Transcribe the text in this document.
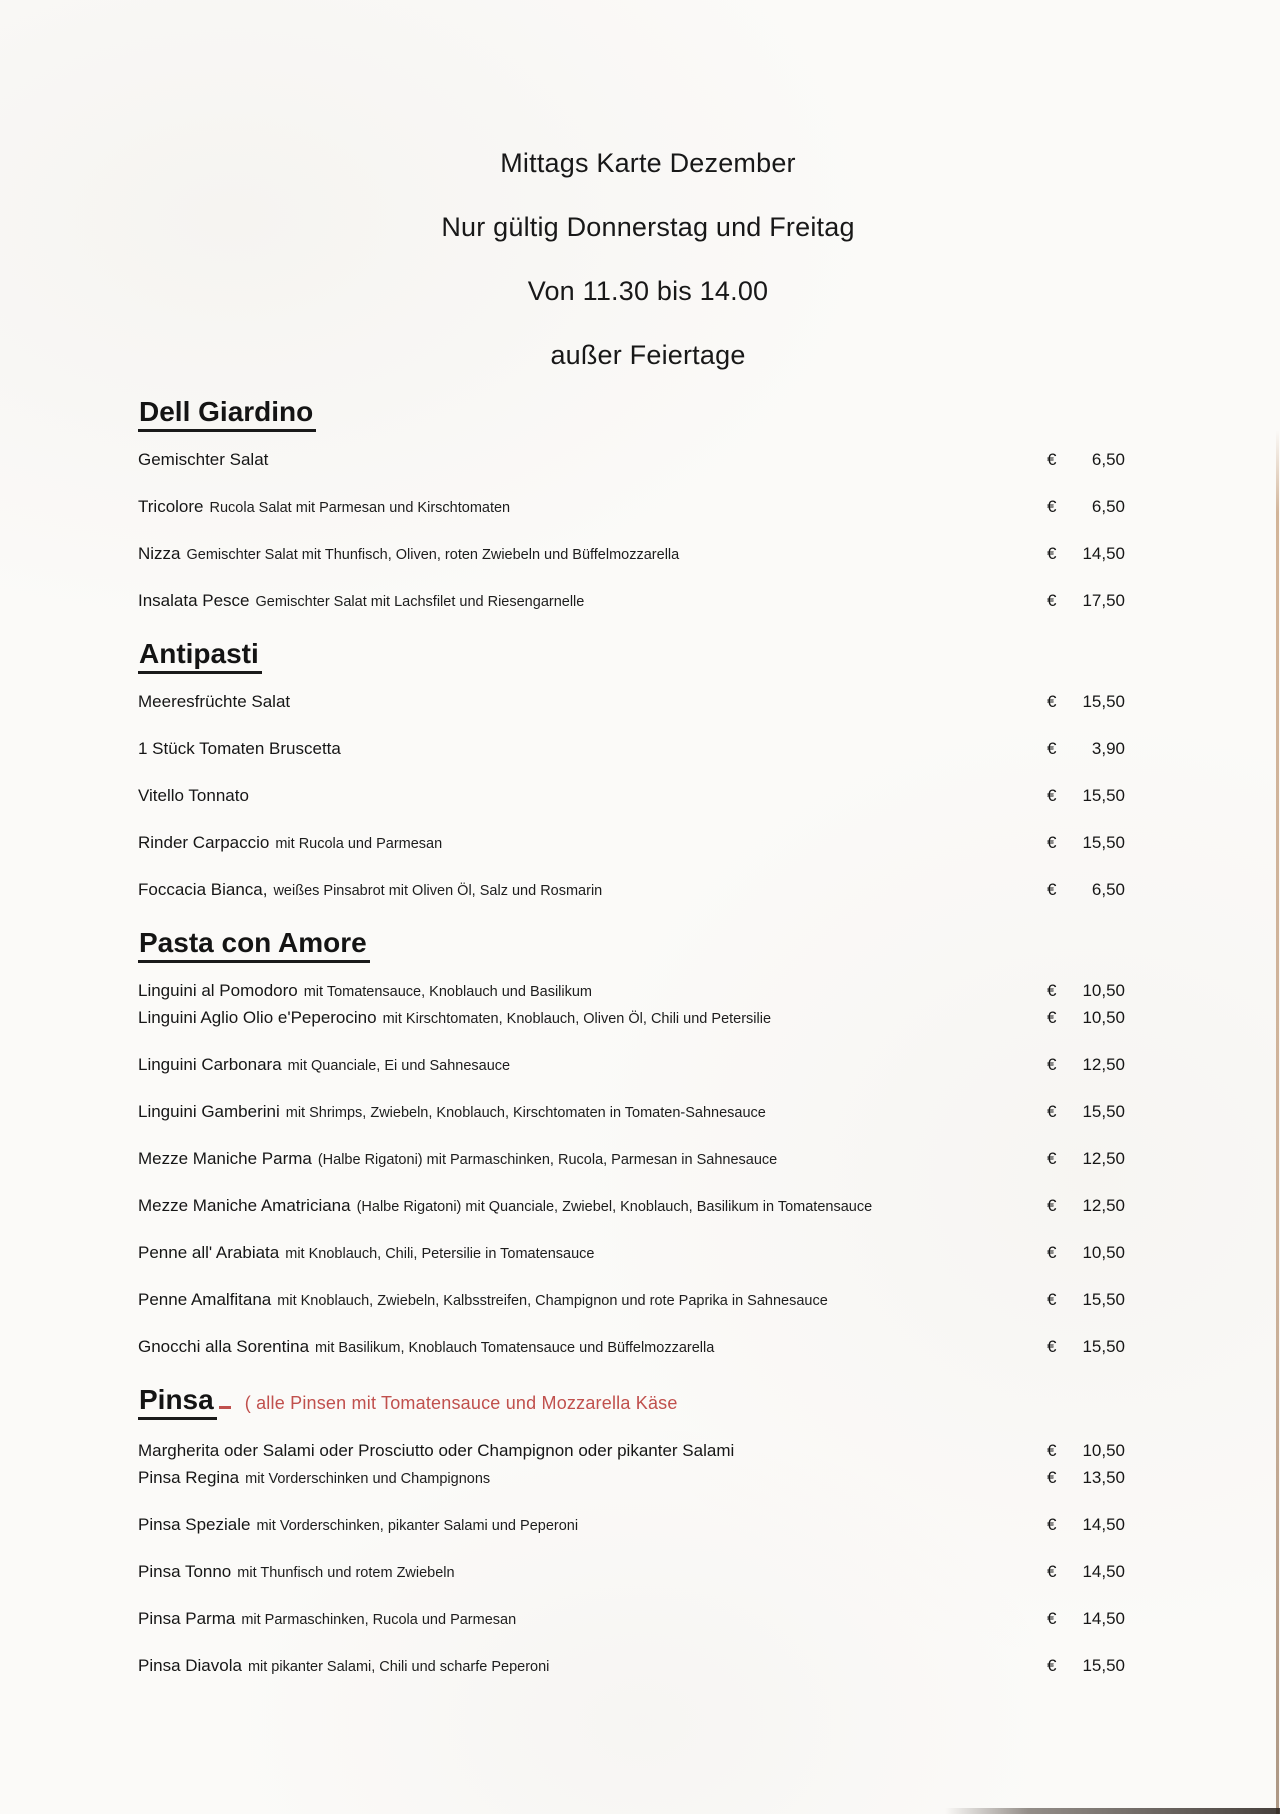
Mittags Karte Dezember
Nur gültig Donnerstag und Freitag
Von 11.30 bis 14.00
außer Feiertage
Dell Giardino
Gemischter Salat	€ 6,50
Tricolore Rucola Salat mit Parmesan und Kirschtomaten	€ 6,50
Nizza Gemischter Salat mit Thunfisch, Oliven, roten Zwiebeln und Büffelmozzarella	€ 14,50
Insalata Pesce Gemischter Salat mit Lachsfilet und Riesengarnelle	€ 17,50
Antipasti
Meeresfrüchte Salat	€ 15,50
1 Stück Tomaten Bruscetta	€ 3,90
Vitello Tonnato	€ 15,50
Rinder Carpaccio mit Rucola und Parmesan	€ 15,50
Foccacia Bianca, weißes Pinsabrot mit Oliven Öl, Salz und Rosmarin	€ 6,50
Pasta con Amore
Linguini al Pomodoro mit Tomatensauce, Knoblauch und Basilikum	€ 10,50
Linguini Aglio Olio e'Peperocino mit Kirschtomaten, Knoblauch, Oliven Öl, Chili und Petersilie	€ 10,50
Linguini Carbonara mit Quanciale, Ei und Sahnesauce	€ 12,50
Linguini Gamberini mit Shrimps, Zwiebeln, Knoblauch, Kirschtomaten in Tomaten-Sahnesauce	€ 15,50
Mezze Maniche Parma (Halbe Rigatoni) mit Parmaschinken, Rucola, Parmesan in Sahnesauce	€ 12,50
Mezze Maniche Amatriciana (Halbe Rigatoni) mit Quanciale, Zwiebel, Knoblauch, Basilikum in Tomatensauce	€ 12,50
Penne all' Arabiata mit Knoblauch, Chili, Petersilie in Tomatensauce	€ 10,50
Penne Amalfitana mit Knoblauch, Zwiebeln, Kalbsstreifen, Champignon und rote Paprika in Sahnesauce	€ 15,50
Gnocchi alla Sorentina mit Basilikum, Knoblauch Tomatensauce und Büffelmozzarella	€ 15,50
Pinsa ( alle Pinsen mit Tomatensauce und Mozzarella Käse
Margherita oder Salami oder Prosciutto oder Champignon oder pikanter Salami	€ 10,50
Pinsa Regina mit Vorderschinken und Champignons	€ 13,50
Pinsa Speziale mit Vorderschinken, pikanter Salami und Peperoni	€ 14,50
Pinsa Tonno mit Thunfisch und rotem Zwiebeln	€ 14,50
Pinsa Parma mit Parmaschinken, Rucola und Parmesan	€ 14,50
Pinsa Diavola mit pikanter Salami, Chili und scharfe Peperoni	€ 15,50
